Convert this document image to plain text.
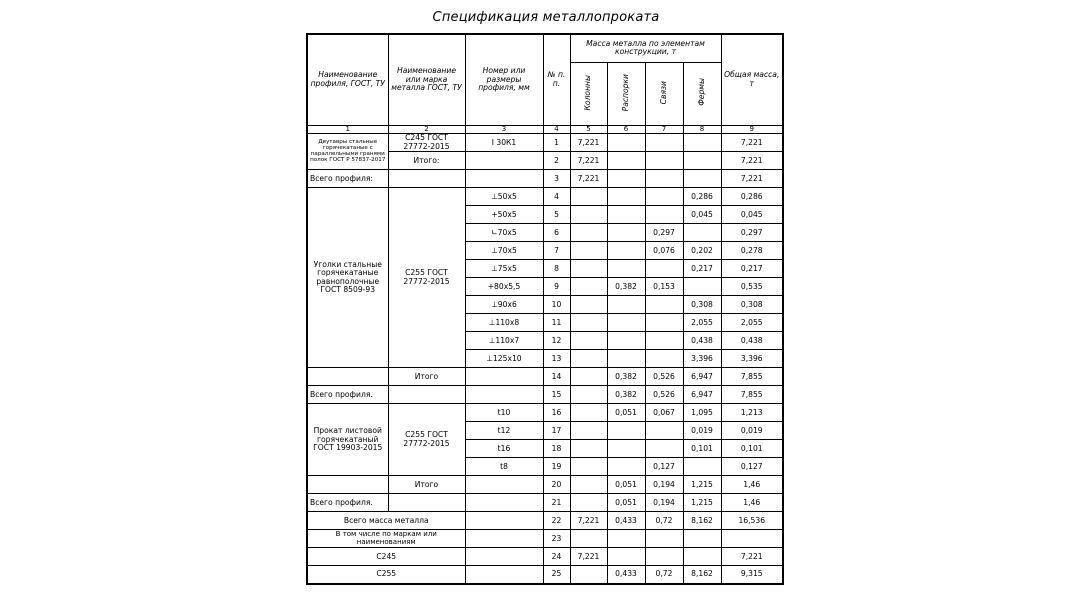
Спецификация металлопроката
Наименование профиля, ГОСТ, ТУ	Наименование или марка металла ГОСТ, ТУ	Номер или размеры профиля, мм	№ п. п.	Масса металла по элементам конструкции, т				Общая масса, т
				Колонны	Распорки	Связи	Фермы	
1	2	3	4	5	6	7	8	9
Двутавры стальные горячекатаные с параллельными гранями полок ГОСТ Р 57837-2017	С245 ГОСТ 27772-2015	I 30К1	1	7,221				7,221
	Итого:		2	7,221				7,221
Всего профиля:			3	7,221				7,221
Уголки стальные горячекатаные равнополочные ГОСТ 8509-93	С255 ГОСТ 27772-2015	⊥50x5	4				0,286	0,286
		+50x5	5				0,045	0,045
		∟70x5	6			0,297		0,297
		⊥70x5	7			0,076	0,202	0,278
		⊥75x5	8				0,217	0,217
		+80x5,5	9		0,382	0,153		0,535
		⊥90x6	10				0,308	0,308
		⊥110x8	11				2,055	2,055
		⊥110x7	12				0,438	0,438
		⊥125x10	13				3,396	3,396
	Итого		14		0,382	0,526	6,947	7,855
Всего профиля.			15		0,382	0,526	6,947	7,855
Прокат листовой горячекатаный ГОСТ 19903-2015	С255 ГОСТ 27772-2015	t10	16		0,051	0,067	1,095	1,213
		t12	17				0,019	0,019
		t16	18				0,101	0,101
		t8	19			0,127		0,127
	Итого		20		0,051	0,194	1,215	1,46
Всего профиля.			21		0,051	0,194	1,215	1,46
Всего масса металла			22	7,221	0,433	0,72	8,162	16,536
В том числе по маркам или наименованиям			23					
С245			24	7,221				7,221
С255			25		0,433	0,72	8,162	9,315
